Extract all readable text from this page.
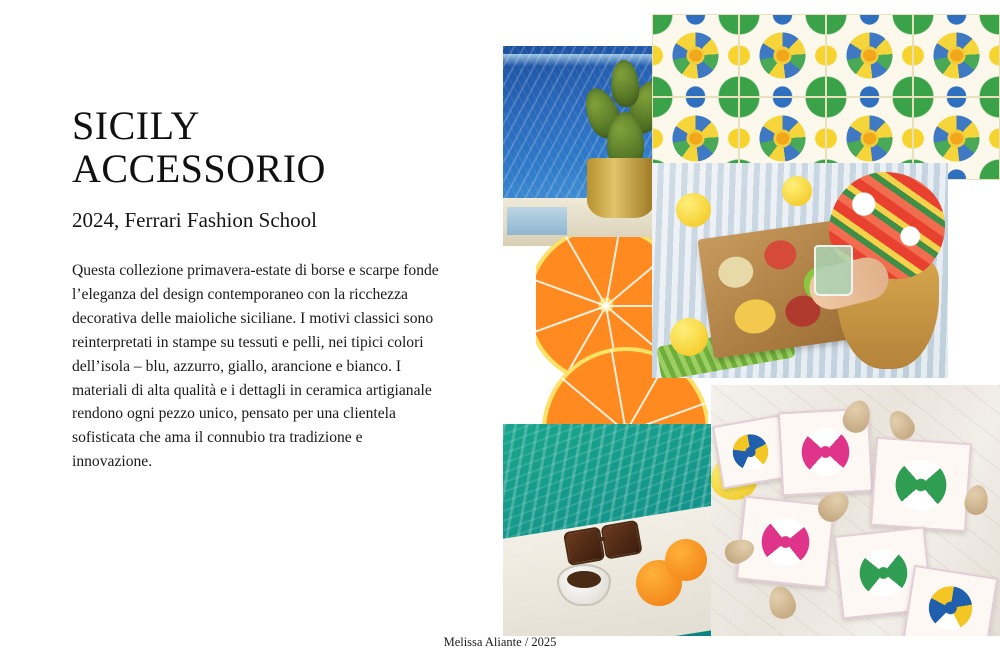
SICILY
ACCESSORIO
2024, Ferrari Fashion School

Questa collezione primavera-estate di borse e scarpe fonde l’eleganza del design contemporaneo con la ricchezza decorativa delle maioliche siciliane. I motivi classici sono reinterpretati in stampe su tessuti e pelli, nei tipici colori dell’isola – blu, azzurro, giallo, arancione e bianco. I materiali di alta qualità e i dettagli in ceramica artigianale rendono ogni pezzo unico, pensato per una clientela sofisticata che ama il connubio tra tradizione e innovazione.

Melissa Aliante / 2025
